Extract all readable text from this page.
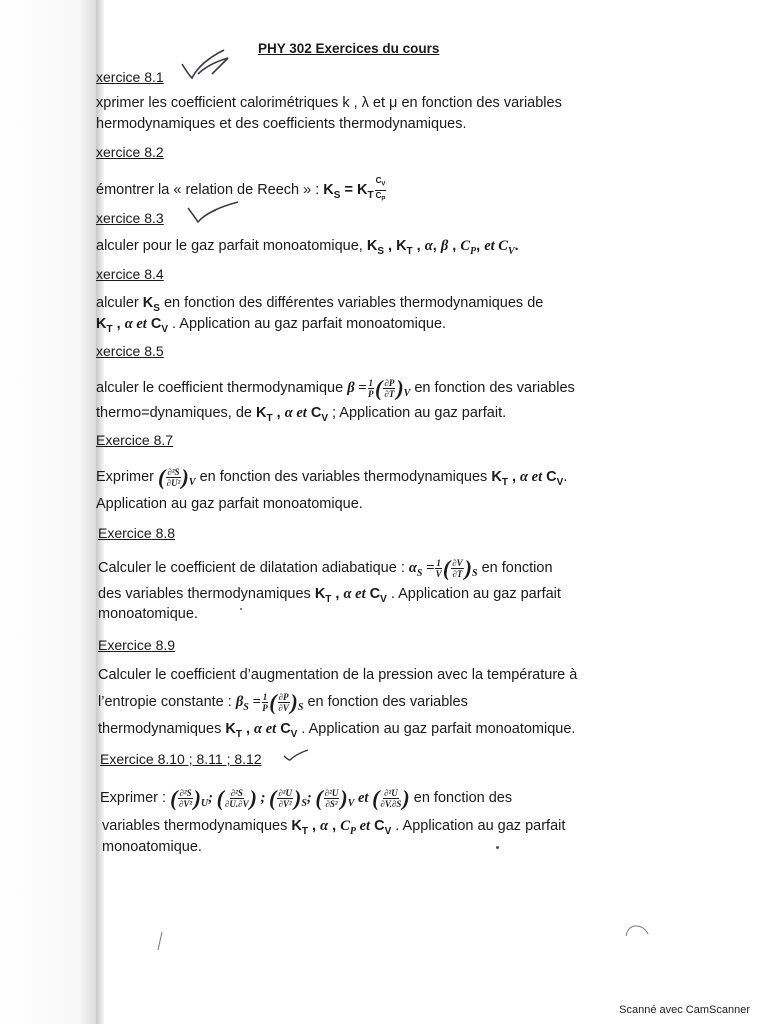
PHY 302 Exercices du cours
xercice 8.1
xprimer les coefficient calorimétriques k , λ et μ en fonction des variables
hermodynamiques et des coefficients thermodynamiques.
xercice 8.2
émontrer la « relation de Reech » : $K_S = K_T \frac{C_V}{C_P}$
xercice 8.3
alculer pour le gaz parfait monoatomique, $K_S$ , $K_T$ , α, β , $C_P$, et $C_V$.
xercice 8.4
alculer $K_S$ en fonction des différentes variables thermodynamiques de
$K_T$ , α et $C_V$ . Application au gaz parfait monoatomique.
xercice 8.5
alculer le coefficient thermodynamique $\beta = \frac{1}{P}$ ( $\frac{\partial P}{\partial T} )_V$ en fonction des variables
thermo=dynamiques, de $K_T$ , α et $C_V$ ; Application au gaz parfait.
Exercice 8.7
Exprimer ( $\frac{\text{∂²S}}{\text{∂U²}} )_V$ en fonction des variables thermodynamiques $K_T$ , α et $C_V$.
Application au gaz parfait monoatomique.
Exercice 8.8
Calculer le coefficient de dilatation adiabatique : $\alpha_S = \frac{1}{V}$ ( $\frac{\partial V}{\partial T} )_S$ en fonction
des variables thermodynamiques $K_T$ , α et $C_V$ . Application au gaz parfait
monoatomique.
Exercice 8.9
Calculer le coefficient d’augmentation de la pression avec la température à
l’entropie constante : $\beta_S = \frac{1}{P}$ ( $\frac{\partial P}{\partial V} )_S$ en fonction des variables
thermodynamiques $K_T$ , α et $C_V$ . Application au gaz parfait monoatomique.
Exercice 8.10 ; 8.11 ; 8.12
Exprimer : ( $\frac{\text{∂²S}}{\text{∂V²}} )_U$; ( $\frac{\text{∂²S}}{\partial U.\partial V}$ ) ; ( $\frac{\text{∂²U}}{\text{∂V²}} )_S$; ( $\frac{\text{∂²U}}{\text{∂S²}} )_V$ et ( $\frac{\text{∂²U}}{\partial V.\partial S}$ ) en fonction des
variables thermodynamiques $K_T$ , α , $C_P$ et $C_V$ . Application au gaz parfait
monoatomique.
Scanné avec CamScanner
